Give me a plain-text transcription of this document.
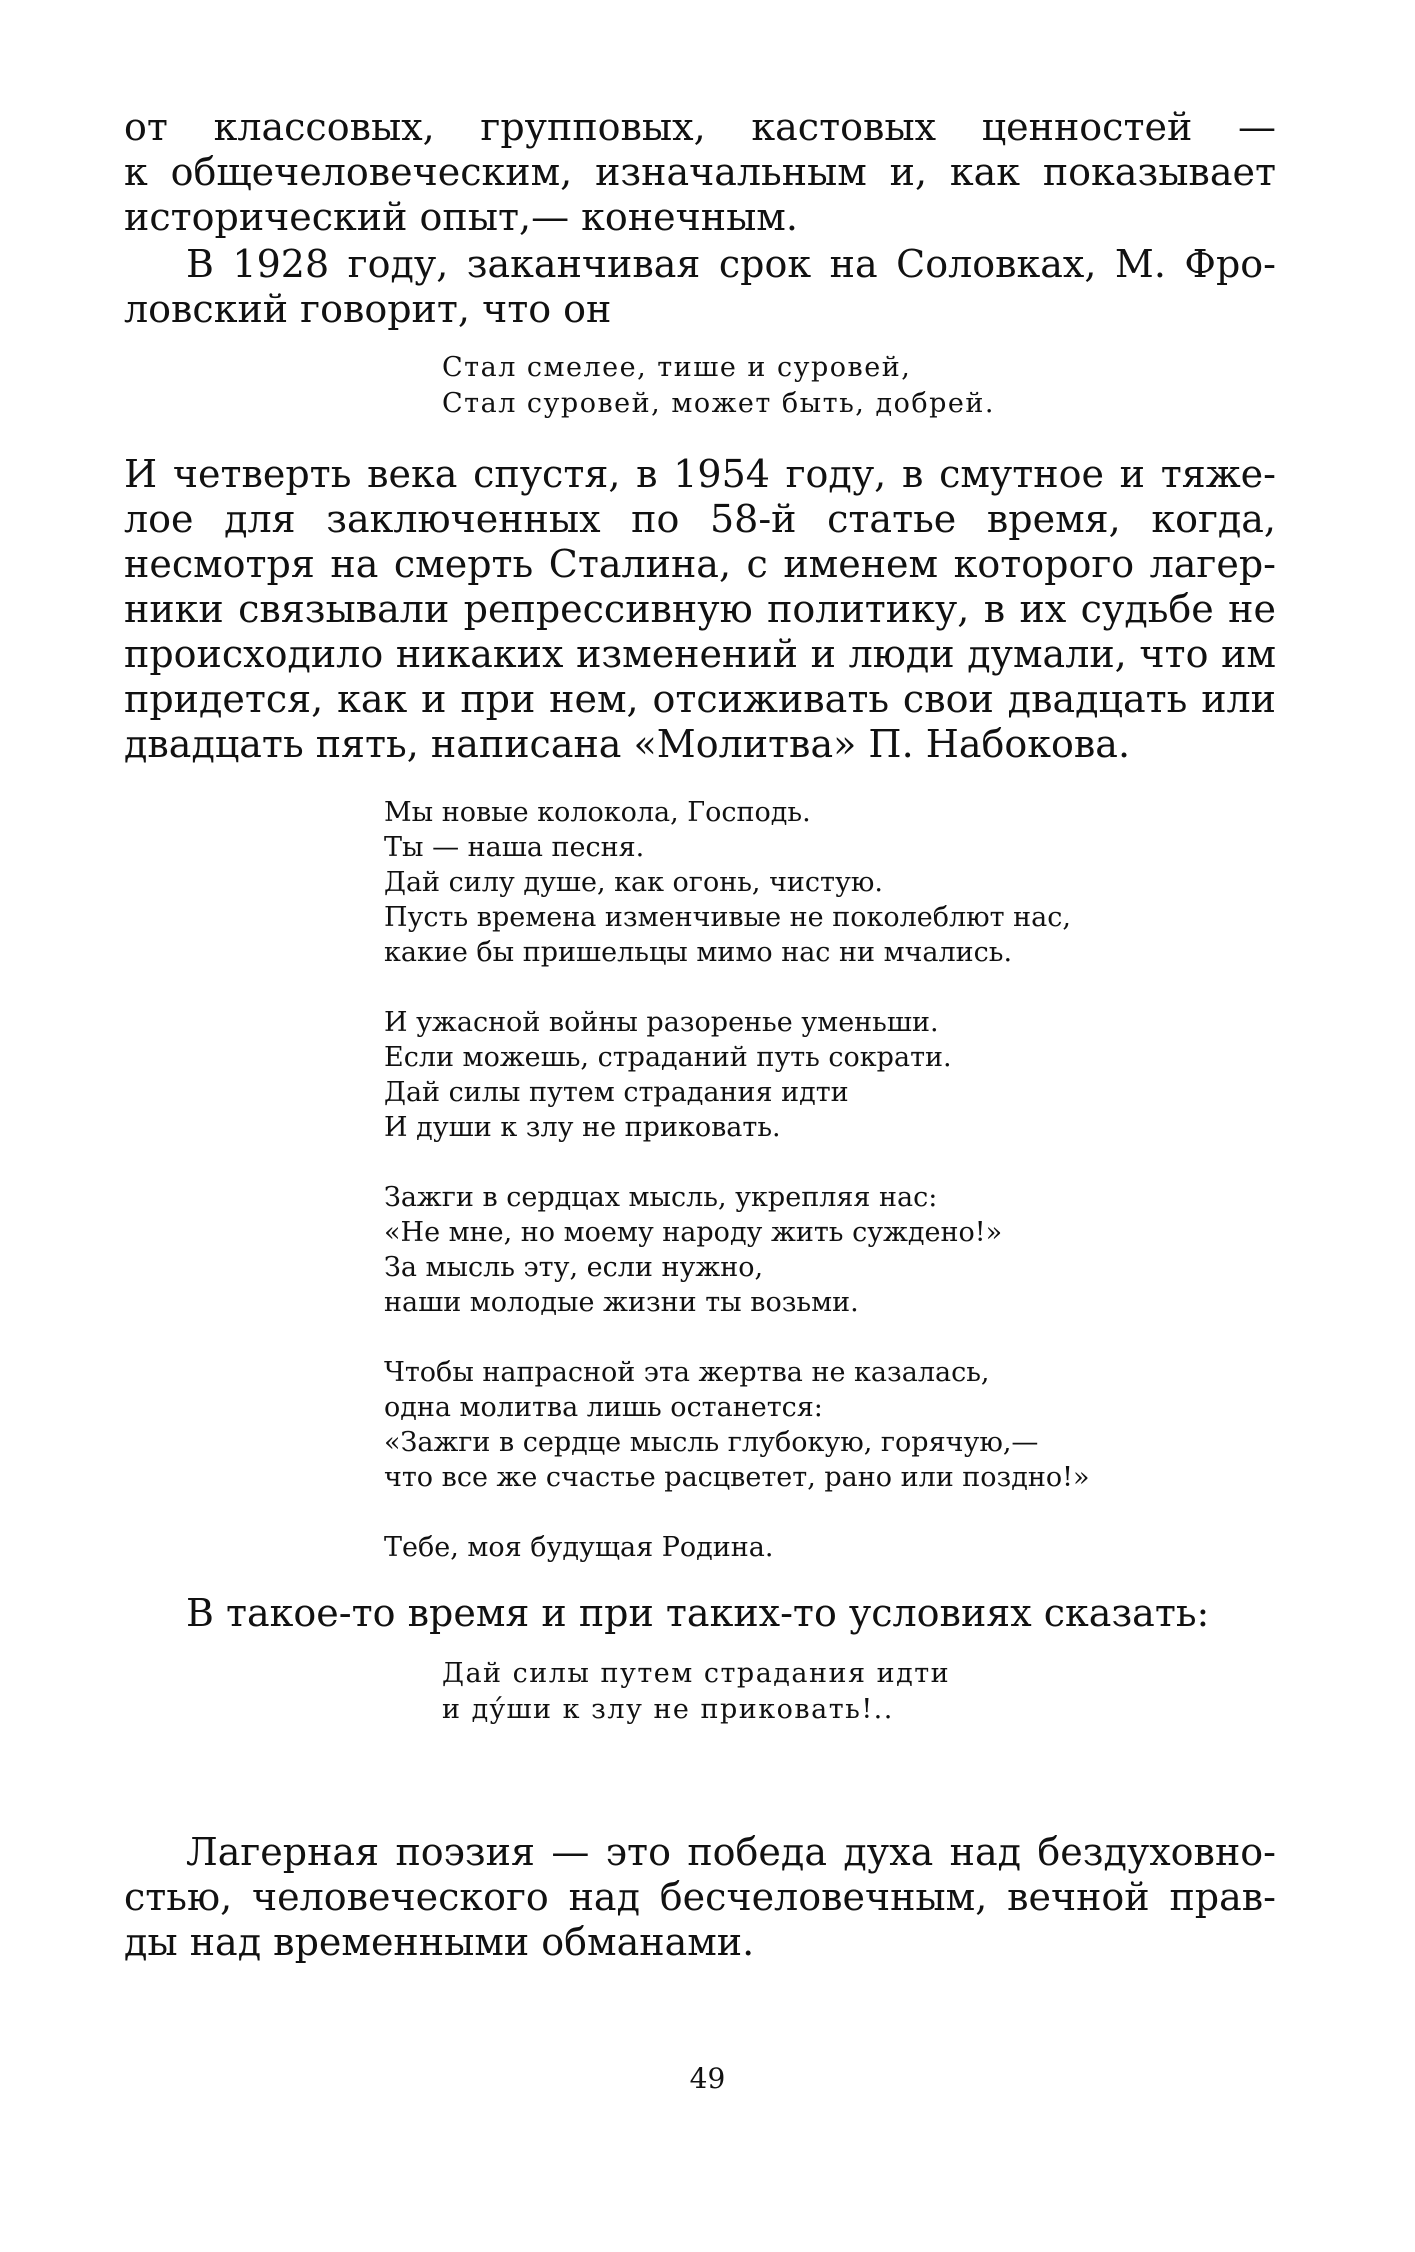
от классовых, групповых, кастовых ценностей —
к общечеловеческим, изначальным и, как показывает
исторический опыт,— конечным.
В 1928 году, заканчивая срок на Соловках, М. Фро-
ловский говорит, что он
Стал смелее, тише и суровей,
Стал суровей, может быть, добрей.
И четверть века спустя, в 1954 году, в смутное и тяже-
лое для заключенных по 58-й статье время, когда,
несмотря на смерть Сталина, с именем которого лагер-
ники связывали репрессивную политику, в их судьбе не
происходило никаких изменений и люди думали, что им
придется, как и при нем, отсиживать свои двадцать или
двадцать пять, написана «Молитва» П. Набокова.
Мы новые колокола, Господь.
Ты — наша песня.
Дай силу душе, как огонь, чистую.
Пусть времена изменчивые не поколеблют нас,
какие бы пришельцы мимо нас ни мчались.
И ужасной войны разоренье уменьши.
Если можешь, страданий путь сократи.
Дай силы путем страдания идти
И души к злу не приковать.
Зажги в сердцах мысль, укрепляя нас:
«Не мне, но моему народу жить суждено!»
За мысль эту, если нужно,
наши молодые жизни ты возьми.
Чтобы напрасной эта жертва не казалась,
одна молитва лишь останется:
«Зажги в сердце мысль глубокую, горячую,—
что все же счастье расцветет, рано или поздно!»
Тебе, моя будущая Родина.
В такое-то время и при таких-то условиях сказать:
Дай силы путем страдания идти
и дýши к злу не приковать!..
Лагерная поэзия — это победа духа над бездуховно-
стью, человеческого над бесчеловечным, вечной прав-
ды над временными обманами.
49
